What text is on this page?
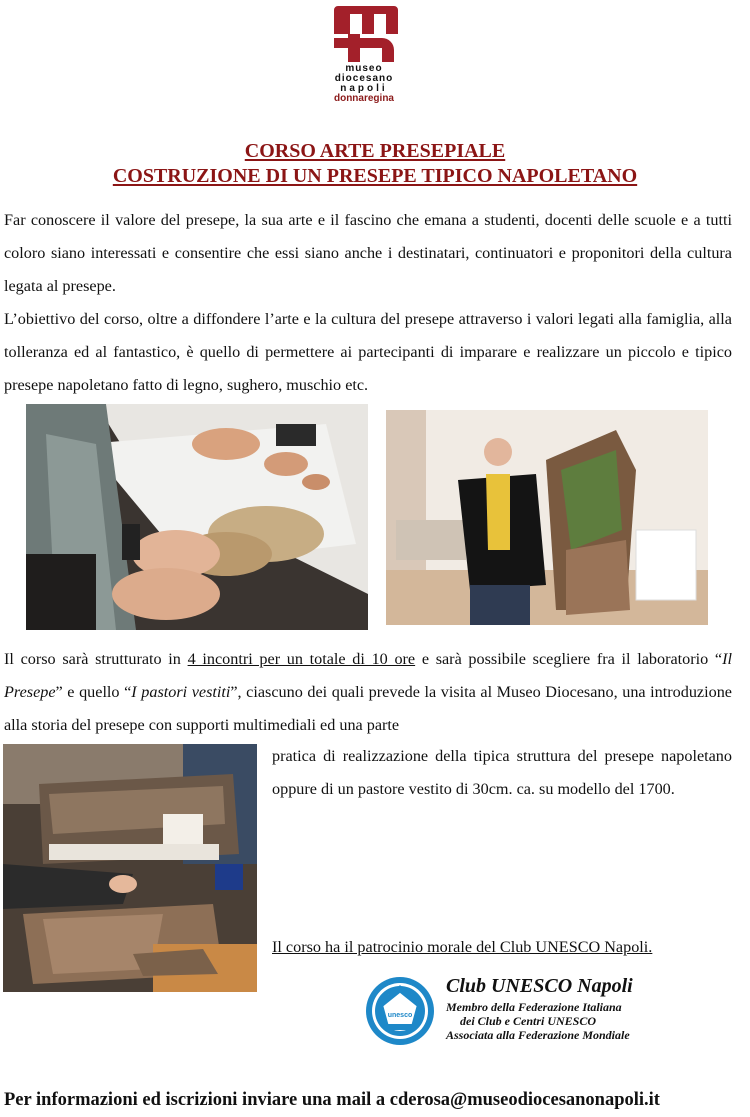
museo
diocesano
napoli
donnaregina
CORSO ARTE PRESEPIALE
COSTRUZIONE DI UN PRESEPE TIPICO NAPOLETANO
Far conoscere il valore del presepe, la sua arte e il fascino che emana a studenti, docenti delle scuole e a tutti coloro siano interessati e consentire che essi siano anche i destinatari, continuatori e proponitori della cultura legata al presepe.
L’obiettivo del corso, oltre a diffondere l’arte e la cultura del presepe attraverso i valori legati alla famiglia, alla tolleranza ed al fantastico, è quello di permettere ai partecipanti di imparare e realizzare un piccolo e tipico presepe napoletano fatto di legno, sughero, muschio etc.
Il corso sarà strutturato in 4 incontri per un totale di 10 ore e sarà possibile scegliere fra il laboratorio “Il Presepe” e quello “I pastori vestiti”, ciascuno dei quali prevede la visita al Museo Diocesano, una introduzione alla storia del presepe con supporti multimediali ed una parte
pratica di realizzazione della tipica struttura del presepe napoletano oppure di un pastore vestito di 30cm. ca. su modello del 1700.
Il corso ha il patrocinio morale del Club UNESCO Napoli.
unesco
Club UNESCO Napoli
Membro della Federazione Italiana
dei Club e Centri UNESCO
Associata alla Federazione Mondiale
Per informazioni ed iscrizioni inviare una mail a cderosa@museodiocesanonapoli.it
